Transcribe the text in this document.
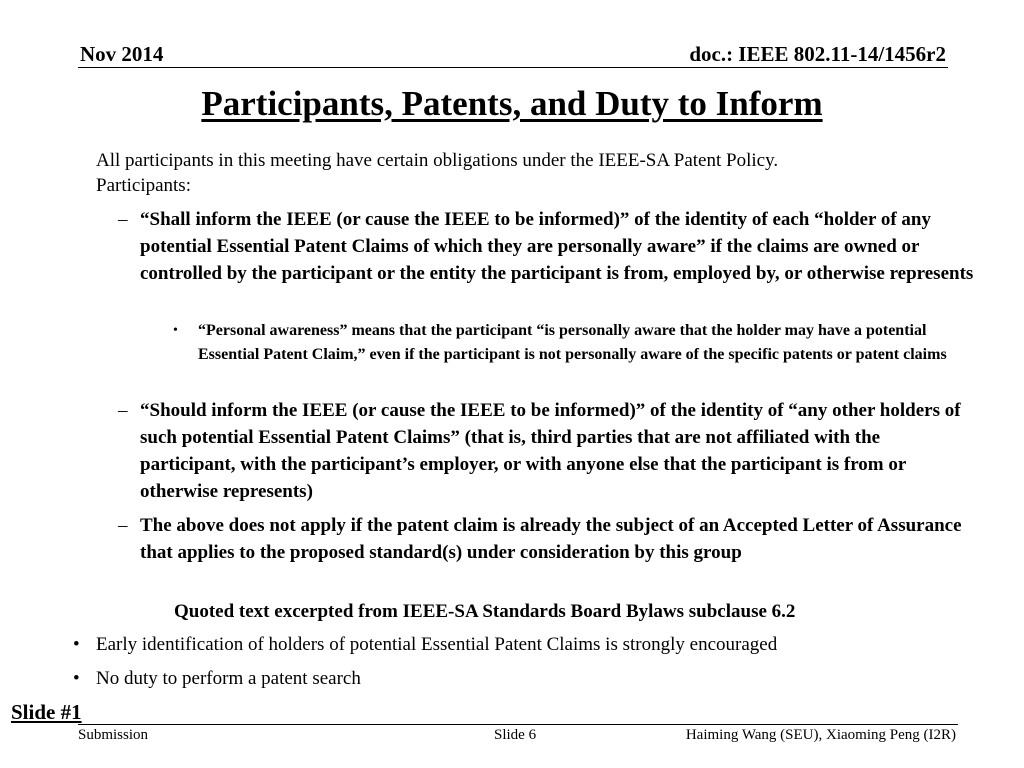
Nov 2014	doc.: IEEE 802.11-14/1456r2
Participants, Patents, and Duty to Inform
All participants in this meeting have certain obligations under the IEEE-SA Patent Policy.
Participants:
– “Shall inform the IEEE (or cause the IEEE to be informed)” of the identity of each “holder of any potential Essential Patent Claims of which they are personally aware” if the claims are owned or controlled by the participant or the entity the participant is from, employed by, or otherwise represents
• “Personal awareness” means that the participant “is personally aware that the holder may have a potential Essential Patent Claim,” even if the participant is not personally aware of the specific patents or patent claims
– “Should inform the IEEE (or cause the IEEE to be informed)” of the identity of “any other holders of such potential Essential Patent Claims” (that is, third parties that are not affiliated with the participant, with the participant’s employer, or with anyone else that the participant is from or otherwise represents)
– The above does not apply if the patent claim is already the subject of an Accepted Letter of Assurance that applies to the proposed standard(s) under consideration by this group
Quoted text excerpted from IEEE-SA Standards Board Bylaws subclause 6.2
• Early identification of holders of potential Essential Patent Claims is strongly encouraged
• No duty to perform a patent search
Slide #1
Submission	Slide 6	Haiming Wang (SEU), Xiaoming Peng (I2R)
